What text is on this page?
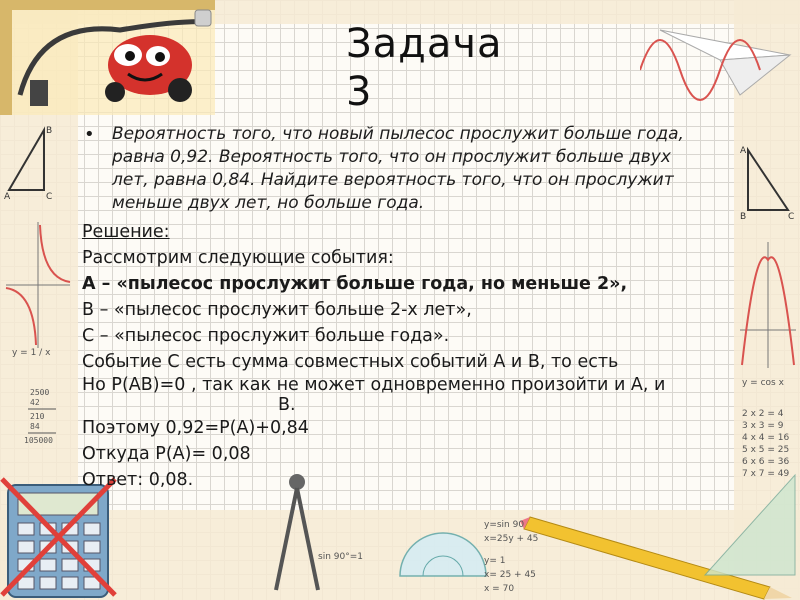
B
C
A
y = 1 / x
2500
42
210
84
105000
A
B	C
y = cos x
2 x 2 = 4
3 x 3 = 9
4 x 4 = 16
5 x 5 = 25
6 x 6 = 36
7 x 7 = 49
y=sin 90
x=25y + 45
y= 1
x= 25 + 45
x = 70
sin 90°=1
Задача 3
•	Вероятность того, что новый пылесос прослужит больше года, равна 0,92. Вероятность того, что он прослужит больше двух лет, равна 0,84. Найдите вероятность того, что он прослужит меньше двух лет, но больше года.
Решение:
Рассмотрим следующие события:
А – «пылесос прослужит больше года, но меньше 2»,
В – «пылесос прослужит больше 2-х лет»,
С – «пылесос прослужит больше года».
Событие С есть сумма совместных событий А и В, то есть
Но P(AB)=0 , так как не может одновременно произойти и А, и
В.
Поэтому 0,92=P(A)+0,84
Откуда P(A)= 0,08
Ответ: 0,08.
